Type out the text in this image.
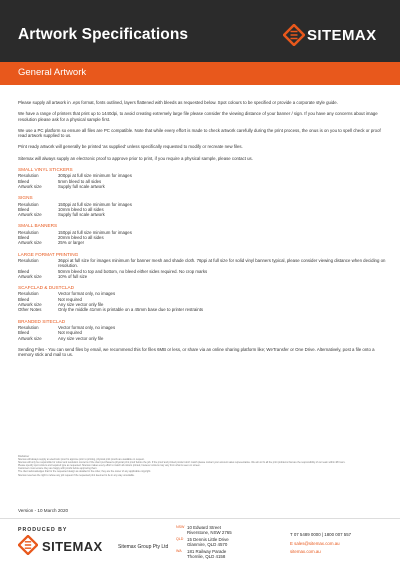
Artwork Specifications	SITEMAX
General Artwork

Please supply all artwork in .eps format, fonts outlined, layers flattened with bleeds as requested below. Spot colours to be specified or provide a corporate style guide.

We have a range of printers that print up to 1440dpi, to avoid creating extremely large file please consider the viewing distance of your banner / sign. If you have any concerns about image resolution please ask for a physical sample first.

We use a PC platform so ensure all files are PC compatible. Note that while every effort is made to check artwork carefully during the print process, the onus is on you to spell check or proof read artwork supplied to us.

Print ready artwork will generally be printed 'as supplied' unless specifically requested to modify or recreate new files.

Sitemax will always supply an electronic proof to approve prior to print, if you require a physical sample, please contact us.

SMALL VINYL STICKERS
Resolution	300ppi at full size minimum for images
Bleed	5mm bleed to all sides
Artwork size	Supply full scale artwork
SIGNS
Resolution	150ppi at full size minimum for images
Bleed	10mm bleed to all sides
Artwork size	Supply full scale artwork
SMALL BANNERS
Resolution	150ppi at full size minimum for images
Bleed	20mm bleed to all sides
Artwork size	25% or larger
LARGE FORMAT PRINTING
Resolution	36ppi at full size for images minimum for banner mesh and shade cloth. 76ppi at full size for solid vinyl banners typical, please consider viewing distance when deciding on resolution.
Bleed	50mm bleed to top and bottom, no bleed either sides required. No crop marks
Artwork size	10% of full size
SCAFCLAD & DUSTCLAD
Resolution	Vector format only, no images
Bleed	Not required
Artwork size	Any size vector only file
Other Notes	Only the middle 41mm is printable on a 45mm base due to printer restraints
BRANDED SITECLAD
Resolution	Vector format only, no images
Bleed	Not required
Artwork size	Any size vector only file

Sending Files - You can send files by email, we recommend this for files 6MB or less, or share via an online sharing platform like; WeTransfer or One Drive. Alternatively, post a file onto a memory stick and mail to us.

Disclaimer
Sitemax will always supply an electronic proof to approve prior to printing, physical print proofs are available on request.
Sitemax will only be responsible for colour and resolution concerns if the client purchased a physical print proof before the job. If the proof and printed product don't match please contact your account sales representative. We aim to fix all the print problems that are the responsibility of our team within 48 hours.
Please specify spot colours and required type as requested. Sitemax makes every effort to match all colours printed, however colours may vary from what is seen on screen.
Customers must ensure they are happy with proofs before approving them.
The client acknowledges that for the requested design as detailed in the order, they are the owner of any applicable copyright.
Sitemax reserves the right to refuse any job request if the requested print deemed to be in any way unsuitable.
Version - 10 March 2020
PRODUCED BY
SITEMAX	Sitemax Group Pty Ltd
NSW 10 Edward Street
Riverstone, NSW 2765
QLD 15 Dennis Little Drive
Glanmire, QLD 4570
WA	181 Railway Parade
Thornlie, QLD 4158
T 07 5489 0000 | 1800 007 557
E sales@sitemax.com.au
sitemax.com.au
